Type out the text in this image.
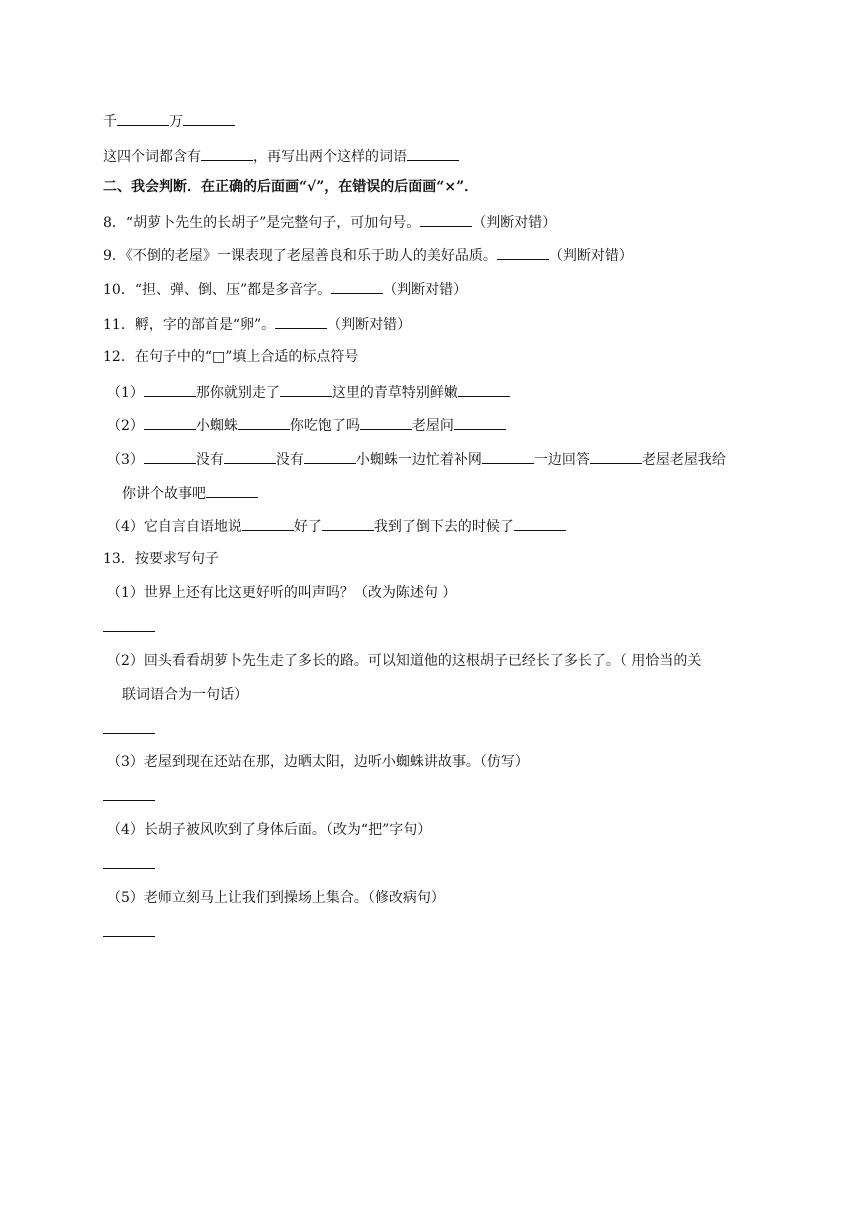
千	万
这四个词都含有	，再写出两个这样的词语
二、我会判断．在正确的后面画“√”，在错误的后面画“×”．
8．“胡萝卜先生的长胡子”是完整句子，可加句号。	（判断对错）
9．《不倒的老屋》一课表现了老屋善良和乐于助人的美好品质。	（判断对错）
10．“担、弹、倒、压”都是多音字。	（判断对错）
11．孵，字的部首是“卵”。	（判断对错）
12．在句子中的“□”填上合适的标点符号
（1）	那你就别走了	这里的青草特别鲜嫩
（2）	小蜘蛛	你吃饱了吗	老屋问
（3）	没有	没有	小蜘蛛一边忙着补网	一边回答	老屋老屋我给
你讲个故事吧
（4）它自言自语地说	好了	我到了倒下去的时候了
13．按要求写句子
（1）世界上还有比这更好听的叫声吗？（改为陈述句 ）
（2）回头看看胡萝卜先生走了多长的路。可以知道他的这根胡子已经长了多长了。（ 用恰当的关
联词语合为一句话）
（3）老屋到现在还站在那，边晒太阳，边听小蜘蛛讲故事。（仿写）
（4）长胡子被风吹到了身体后面。（改为“把”字句）
（5）老师立刻马上让我们到操场上集合。（修改病句）
